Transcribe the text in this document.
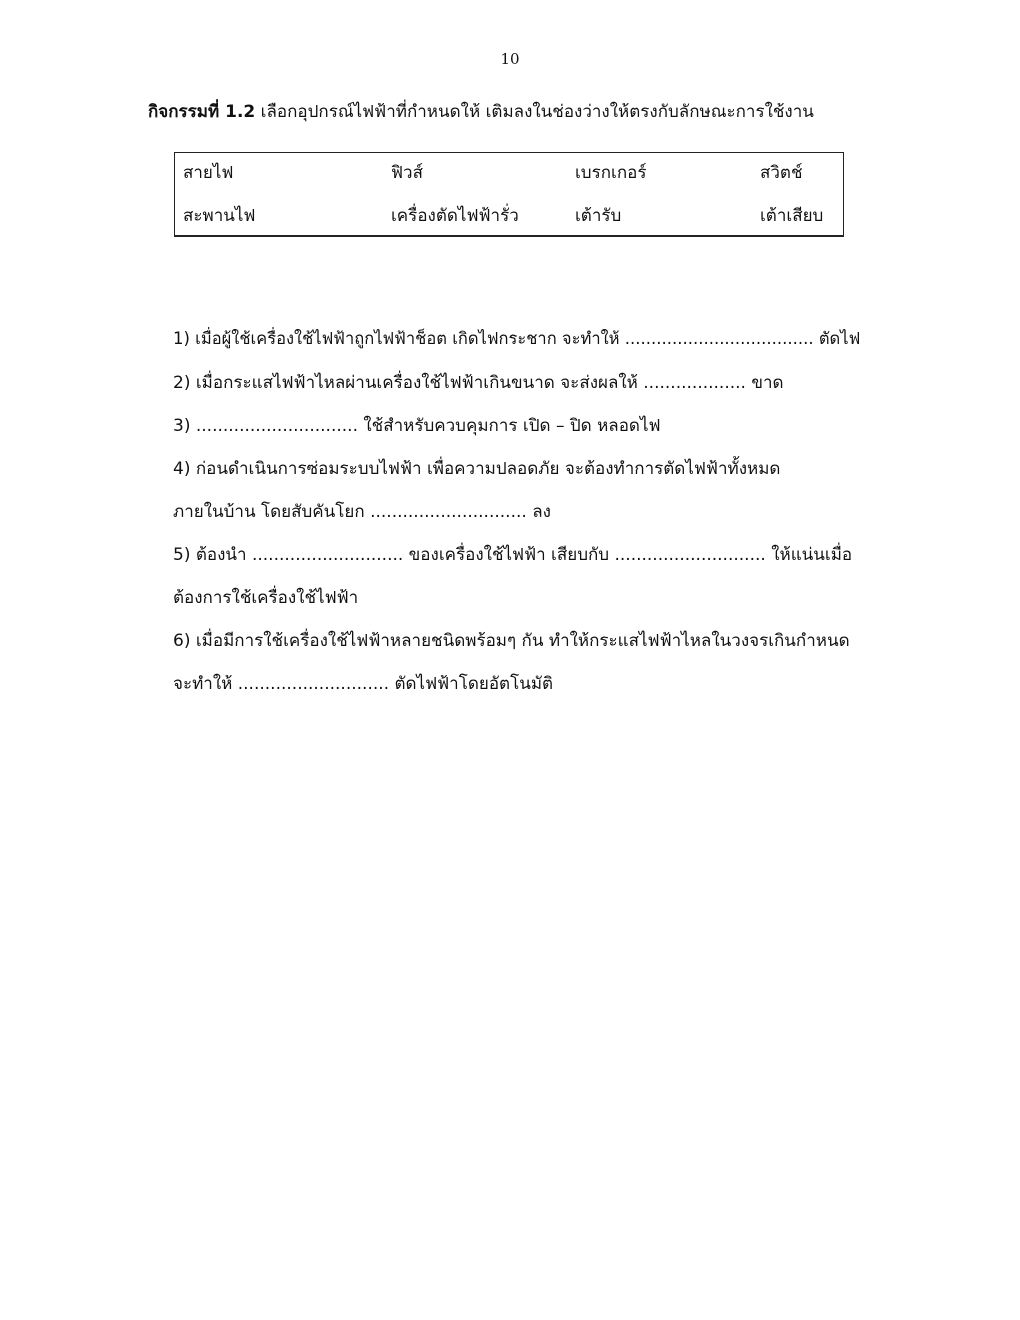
10
กิจกรรมที่ 1.2 เลือกอุปกรณ์ไฟฟ้าที่กำหนดให้ เติมลงในช่องว่างให้ตรงกับลักษณะการใช้งาน
สายไฟ	ฟิวส์	เบรกเกอร์	สวิตช์
สะพานไฟ	เครื่องตัดไฟฟ้ารั่ว	เต้ารับ	เต้าเสียบ
1) เมื่อผู้ใช้เครื่องใช้ไฟฟ้าถูกไฟฟ้าช็อต เกิดไฟกระชาก จะทำให้ .................................... ตัดไฟ
2) เมื่อกระแสไฟฟ้าไหลผ่านเครื่องใช้ไฟฟ้าเกินขนาด จะส่งผลให้ ................... ขาด
3) .............................. ใช้สำหรับควบคุมการ เปิด – ปิด หลอดไฟ
4) ก่อนดำเนินการซ่อมระบบไฟฟ้า เพื่อความปลอดภัย จะต้องทำการตัดไฟฟ้าทั้งหมด
ภายในบ้าน โดยสับคันโยก ............................. ลง
5) ต้องนำ ............................ ของเครื่องใช้ไฟฟ้า เสียบกับ ............................ ให้แน่นเมื่อ
ต้องการใช้เครื่องใช้ไฟฟ้า
6) เมื่อมีการใช้เครื่องใช้ไฟฟ้าหลายชนิดพร้อมๆ กัน ทำให้กระแสไฟฟ้าไหลในวงจรเกินกำหนด
จะทำให้ ............................ ตัดไฟฟ้าโดยอัตโนมัติ
